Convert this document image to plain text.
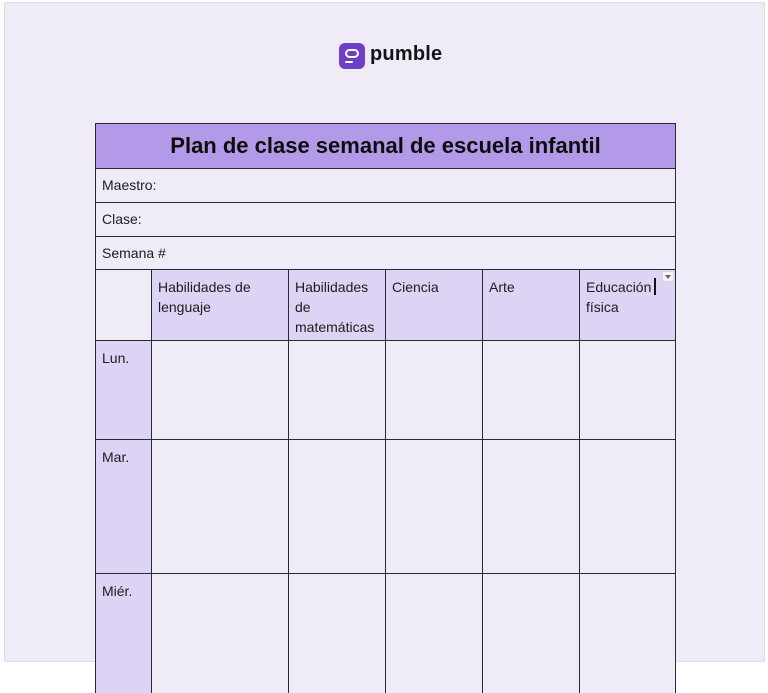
pumble
Plan de clase semanal de escuela infantil
Maestro:
Clase:
Semana #
Habilidades de lenguaje
Habilidades de matemáticas
Ciencia	Arte	Educación
física
Lun.
Mar.
Miér.
